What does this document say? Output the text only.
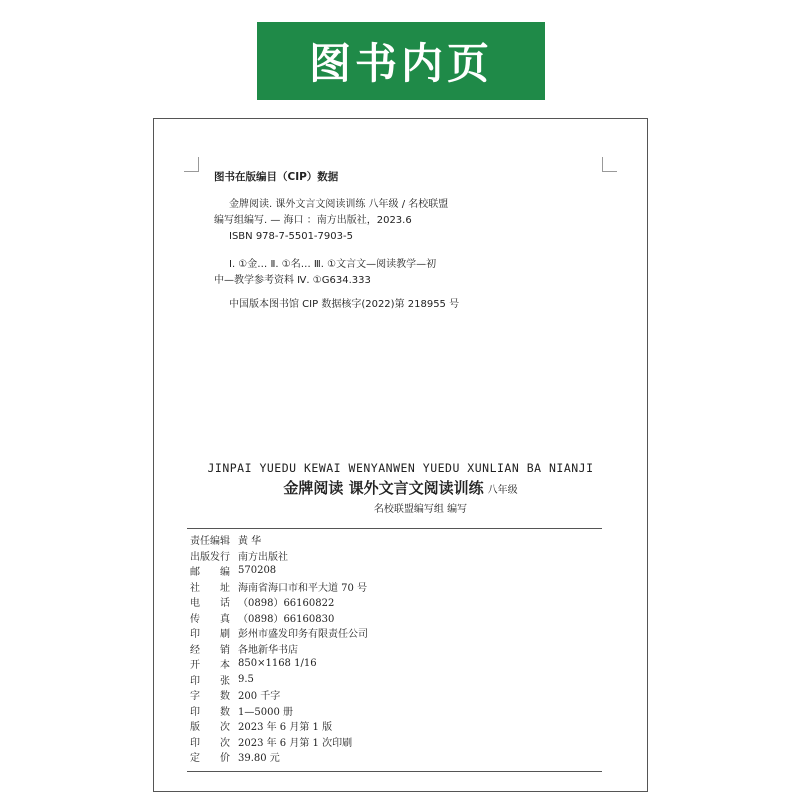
图书内页
图书在版编目（CIP）数据
金牌阅读. 课外文言文阅读训练 八年级 / 名校联盟
编写组编写. — 海口 ：南方出版社，2023.6
ISBN 978-7-5501-7903-5
Ⅰ. ①金… Ⅱ. ①名… Ⅲ. ①文言文—阅读教学—初
中—教学参考资料 Ⅳ. ①G634.333
中国版本图书馆 CIP 数据核字(2022)第 218955 号
JINPAI YUEDU KEWAI WENYANWEN YUEDU XUNLIAN BA NIANJI
金牌阅读 课外文言文阅读训练 八年级
名校联盟编写组 编写
责任编辑 黄 华
出版发行 南方出版社
邮 编 570208
社 址 海南省海口市和平大道 70 号
电 话 （0898）66160822
传 真 （0898）66160830
印 刷 彭州市盛发印务有限责任公司
经 销 各地新华书店
开 本 850×1168 1/16
印 张 9.5
字 数 200 千字
印 数 1—5000 册
版 次 2023 年 6 月第 1 版
印 次 2023 年 6 月第 1 次印刷
定 价 39.80 元
